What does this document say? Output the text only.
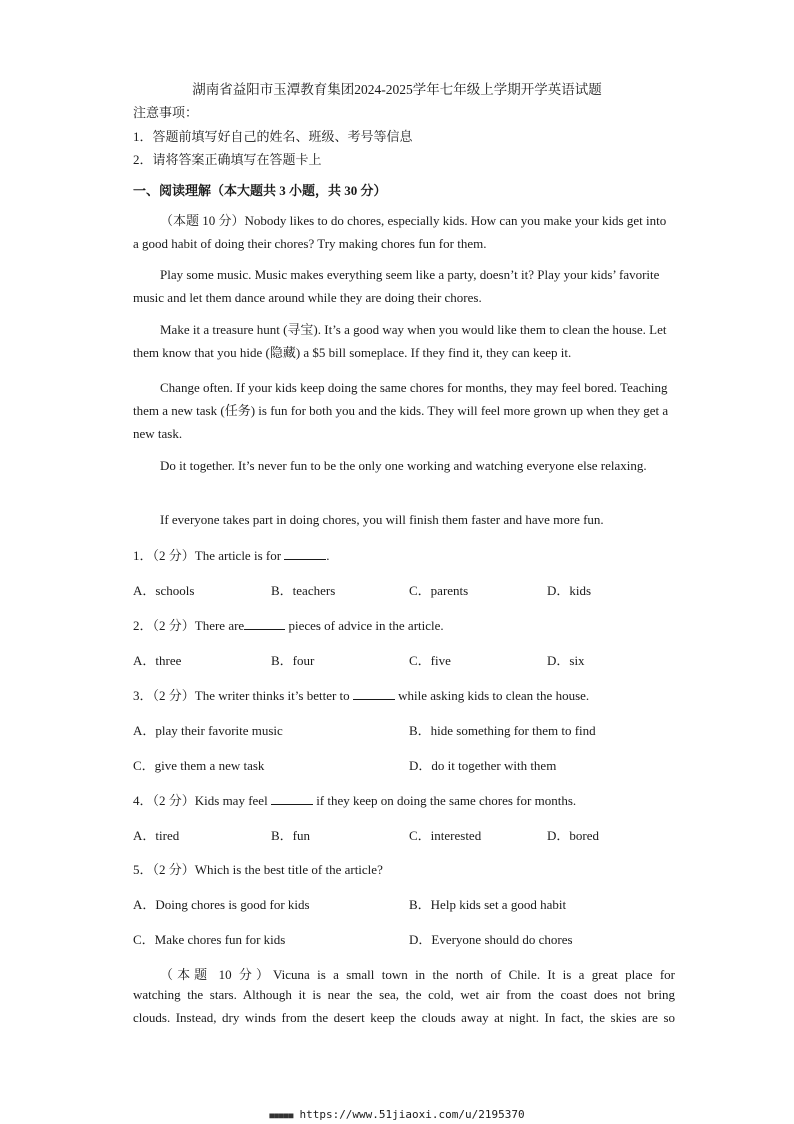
湖南省益阳市玉潭教育集团2024-2025学年七年级上学期开学英语试题
注意事项：
1．答题前填写好自己的姓名、班级、考号等信息
2．请将答案正确填写在答题卡上
一、阅读理解（本大题共 3 小题，共 30 分）
（本题 10 分）Nobody likes to do chores, especially kids. How can you make your kids get into a good habit of doing their chores? Try making chores fun for them.
Play some music. Music makes everything seem like a party, doesn’t it? Play your kids’ favorite music and let them dance around while they are doing their chores.
Make it a treasure hunt (寻宝). It’s a good way when you would like them to clean the house. Let them know that you hide (隐藏) a $5 bill someplace. If they find it, they can keep it.
Change often. If your kids keep doing the same chores for months, they may feel bored. Teaching them a new task (任务) is fun for both you and the kids. They will feel more grown up when they get a new task.
Do it together. It’s never fun to be the only one working and watching everyone else relaxing.
If everyone takes part in doing chores, you will finish them faster and have more fun.
1．（2 分）The article is for	.
A．schools	B．teachers	C．parents	D．kids
2．（2 分）There are	pieces of advice in the article.
A．three	B．four	C．five	D．six
3．（2 分）The writer thinks it’s better to	while asking kids to clean the house.
A．play their favorite music	B．hide something for them to find
C．give them a new task	D．do it together with them
4．（2 分）Kids may feel	if they keep on doing the same chores for months.
A．tired	B．fun	C．interested	D．bored
5．（2 分）Which is the best title of the article?
A．Doing chores is good for kids	B．Help kids set a good habit
C．Make chores fun for kids	D．Everyone should do chores
（本题 10 分）Vicuna is a small town in the north of Chile. It is a great place for
watching the stars. Although it is near the sea, the cold, wet air from the coast does not bring
clouds. Instead, dry winds from the desert keep the clouds away at night. In fact, the skies are so
■■■■■ https://www.51jiaoxi.com/u/2195370
